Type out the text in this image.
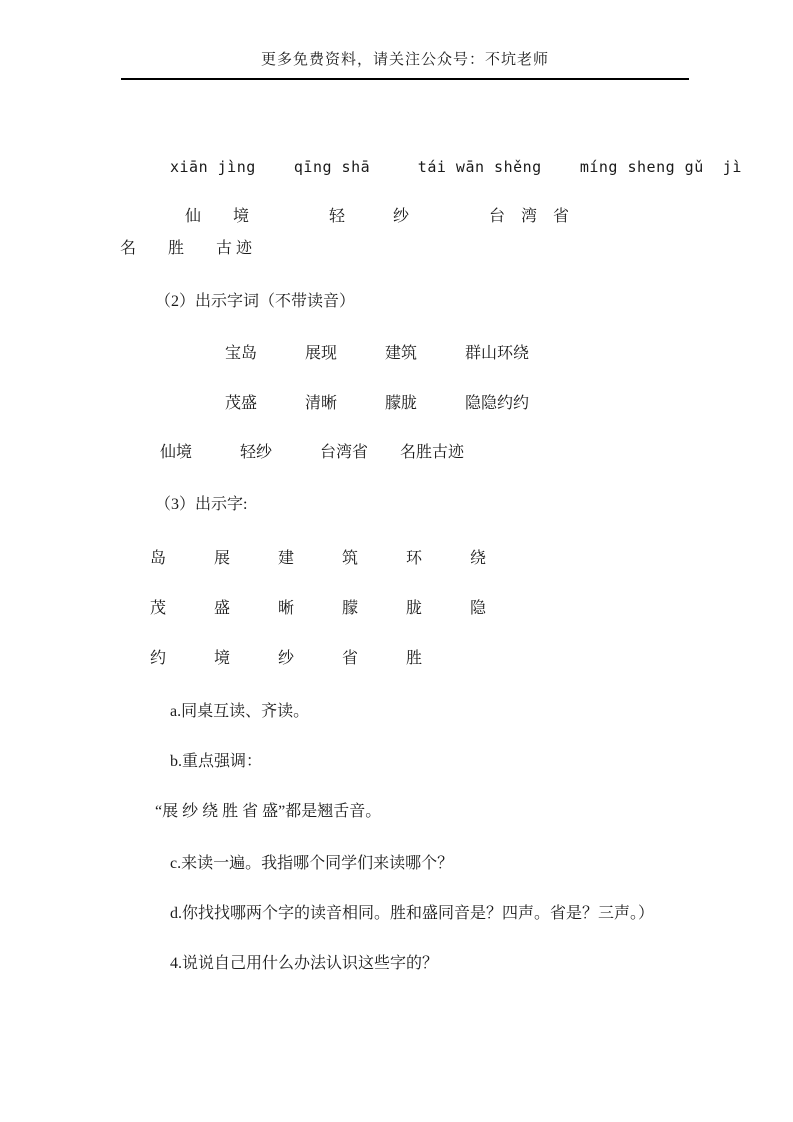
更多免费资料，请关注公众号：不坑老师
xiān jìng    qīng shā     tái wān shěng    míng sheng gǔ  jì
仙　　境　　　　　轻　　　纱　　　　　台　湾　省
名　　胜　　古 迹
（2）出示字词（不带读音）
宝岛　　　展现　　　建筑　　　群山环绕
茂盛　　　清晰　　　朦胧　　　隐隐约约
仙境　　　轻纱　　　台湾省　　名胜古迹
（3）出示字:
岛　　　展　　　建　　　筑　　　环　　　绕
茂　　　盛　　　晰　　　朦　　　胧　　　隐
约　　　境　　　纱　　　省　　　胜
a.同桌互读、齐读。
b.重点强调：
“展 纱 绕 胜 省 盛”都是翘舌音。
c.来读一遍。我指哪个同学们来读哪个？
d.你找找哪两个字的读音相同。胜和盛同音是？四声。省是？三声。）
4.说说自己用什么办法认识这些字的？
